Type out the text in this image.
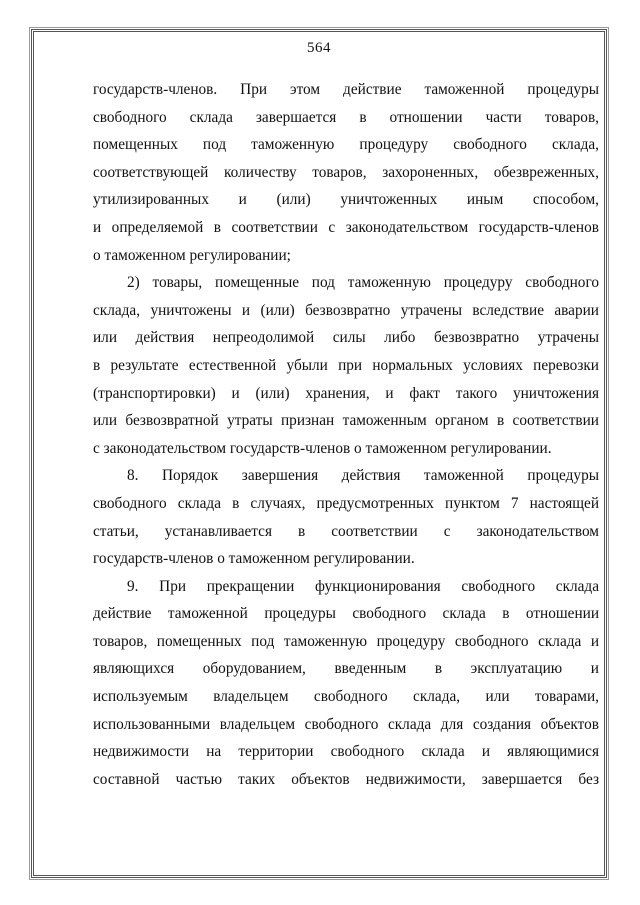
564
государств-членов. При этом действие таможенной процедуры
свободного склада завершается в отношении части товаров,
помещенных под таможенную процедуру свободного склада,
соответствующей количеству товаров, захороненных, обезвреженных,
утилизированных и (или) уничтоженных иным способом,
и определяемой в соответствии с законодательством государств-членов
о таможенном регулировании;
2) товары, помещенные под таможенную процедуру свободного
склада, уничтожены и (или) безвозвратно утрачены вследствие аварии
или действия непреодолимой силы либо безвозвратно утрачены
в результате естественной убыли при нормальных условиях перевозки
(транспортировки) и (или) хранения, и факт такого уничтожения
или безвозвратной утраты признан таможенным органом в соответствии
с законодательством государств-членов о таможенном регулировании.
8. Порядок завершения действия таможенной процедуры
свободного склада в случаях, предусмотренных пунктом 7 настоящей
статьи, устанавливается в соответствии с законодательством
государств-членов о таможенном регулировании.
9. При прекращении функционирования свободного склада
действие таможенной процедуры свободного склада в отношении
товаров, помещенных под таможенную процедуру свободного склада и
являющихся оборудованием, введенным в эксплуатацию и
используемым владельцем свободного склада, или товарами,
использованными владельцем свободного склада для создания объектов
недвижимости на территории свободного склада и являющимися
составной частью таких объектов недвижимости, завершается без
